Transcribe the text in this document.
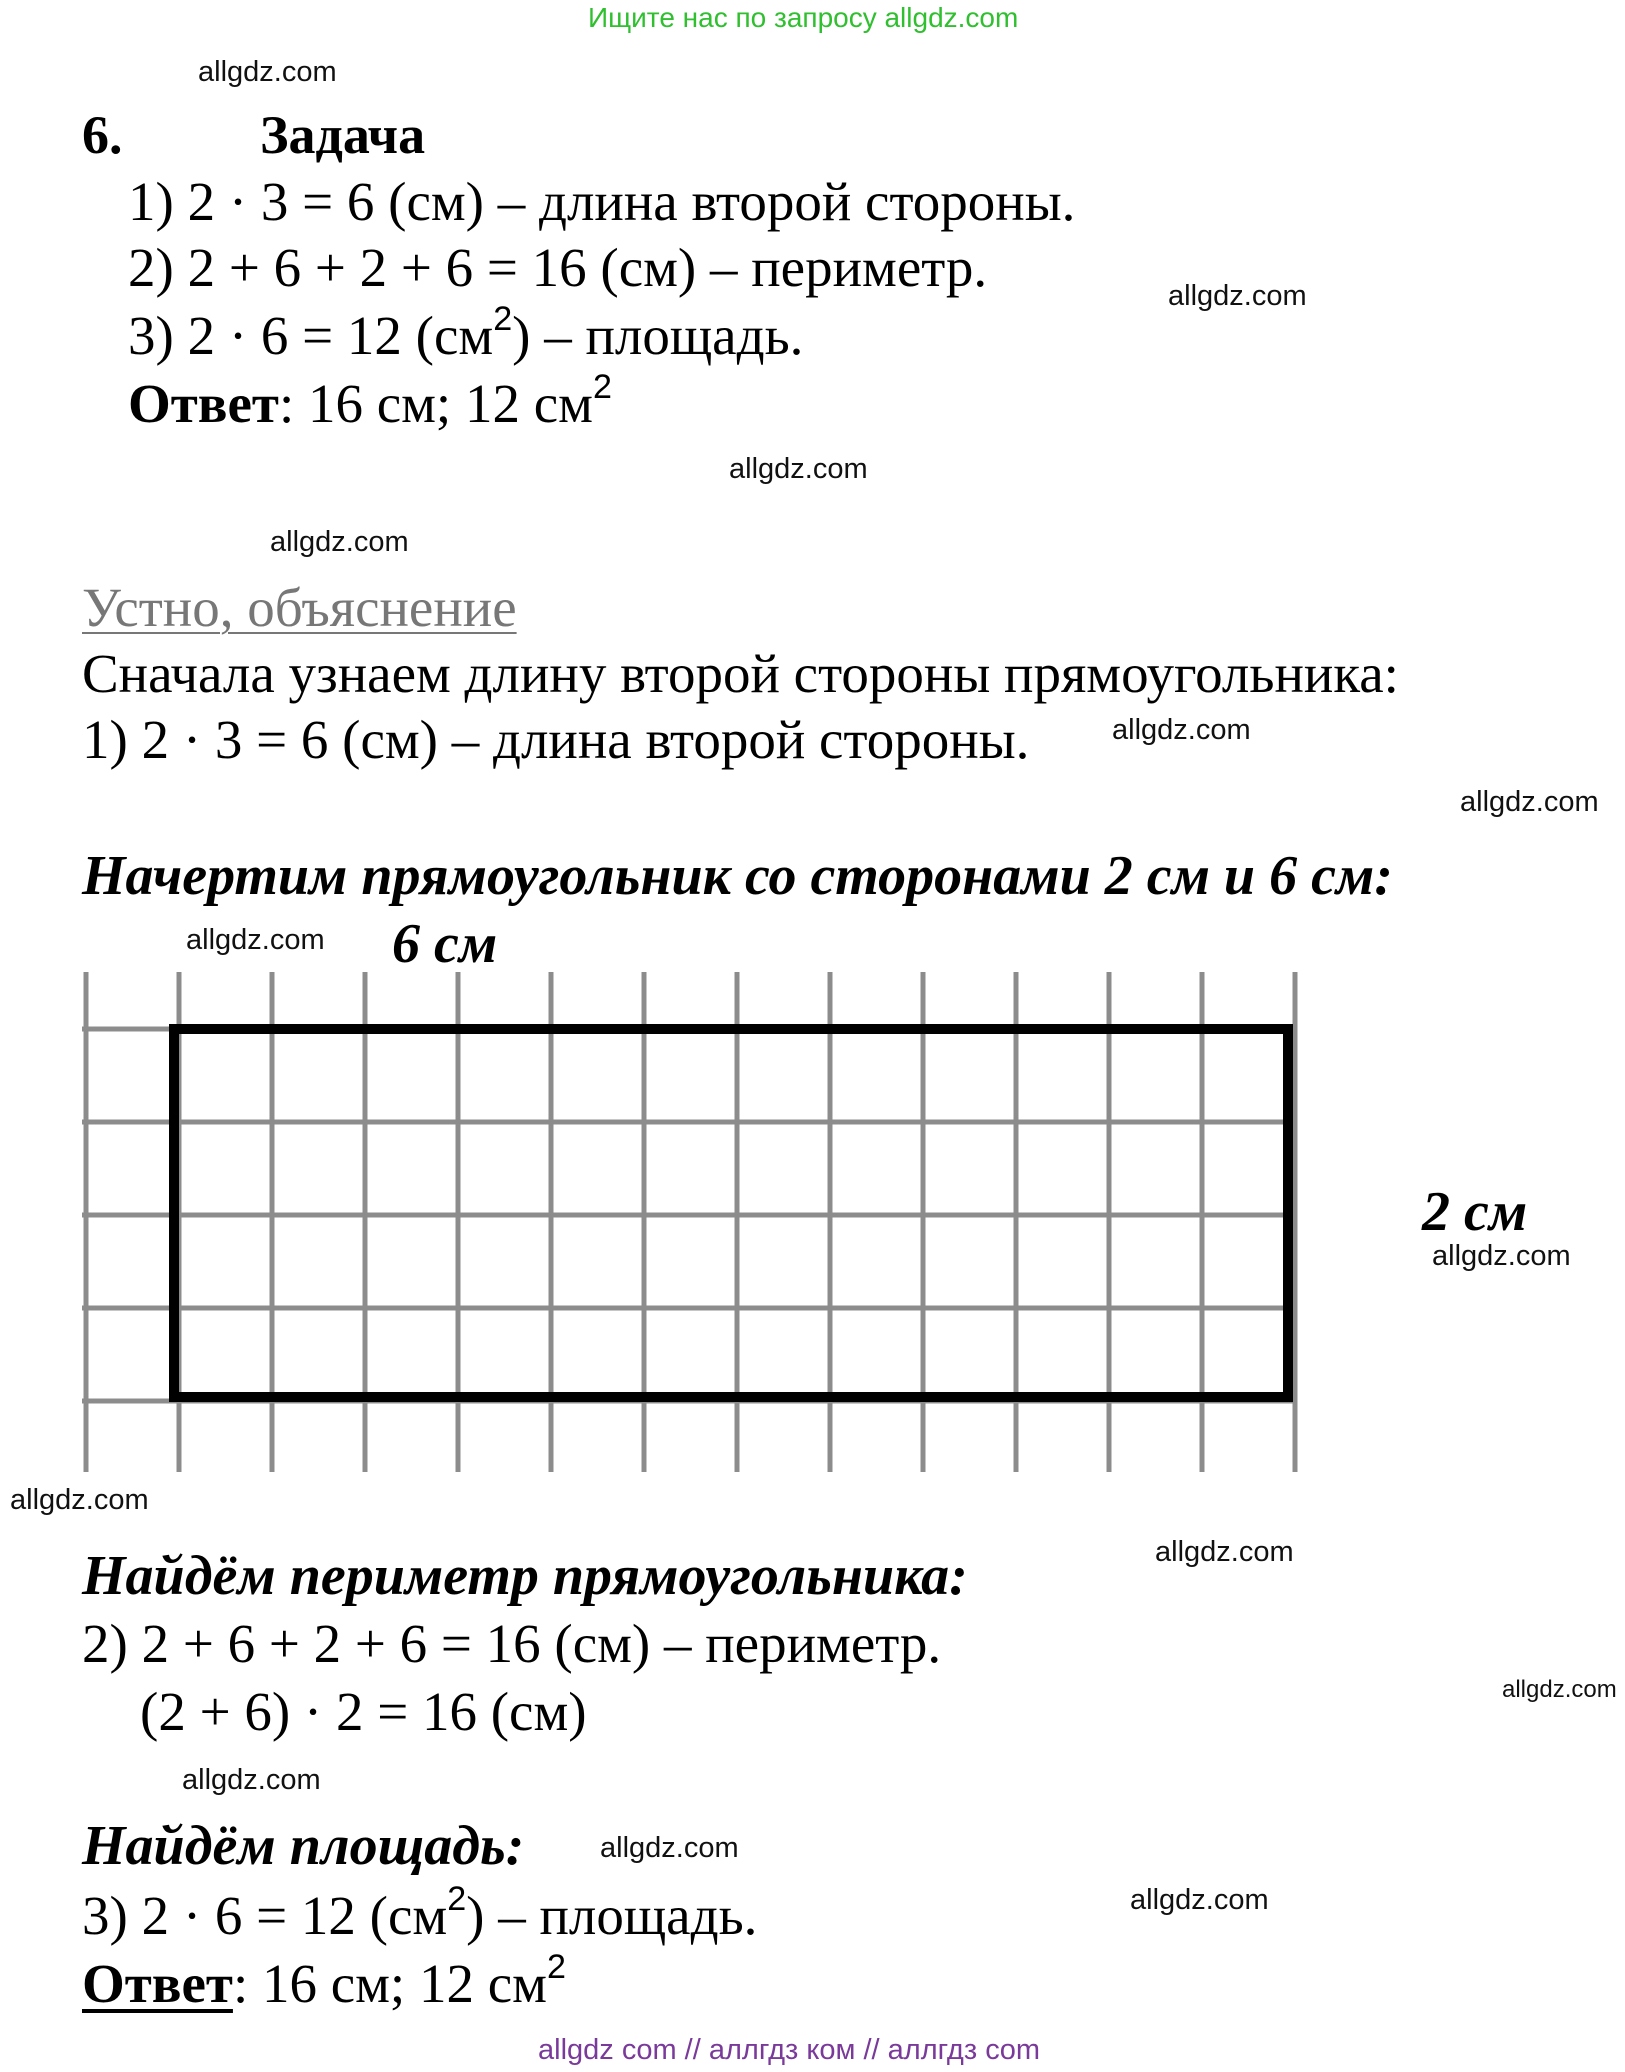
Ищите нас по запросу allgdz.com
allgdz.com
allgdz.com
allgdz.com
allgdz.com
allgdz.com
allgdz.com
allgdz.com
allgdz.com
allgdz.com
allgdz.com
allgdz.com
allgdz.com
allgdz.com
allgdz.com
6.	Задача
1) 2 · 3 = 6 (см) – длина второй стороны.
2) 2 + 6 + 2 + 6 = 16 (см) – периметр.
3) 2 · 6 = 12 $(см^2)$ – площадь.
Ответ: 16 см; 12 $см^2$
Устно, объяснение
Сначала узнаем длину второй стороны прямоугольника:
1) 2 · 3 = 6 (см) – длина второй стороны.
Начертим прямоугольник со сторонами 2 см и 6 см:
6 см
2 см
Найдём периметр прямоугольника:
2) 2 + 6 + 2 + 6 = 16 (см) – периметр.
(2 + 6) · 2 = 16 (см)
Найдём площадь:
3) 2 · 6 = 12 $(см^2)$ – площадь.
Ответ: 16 см; 12 $см^2$
allgdz com // аллгдз ком // аллгдз com
